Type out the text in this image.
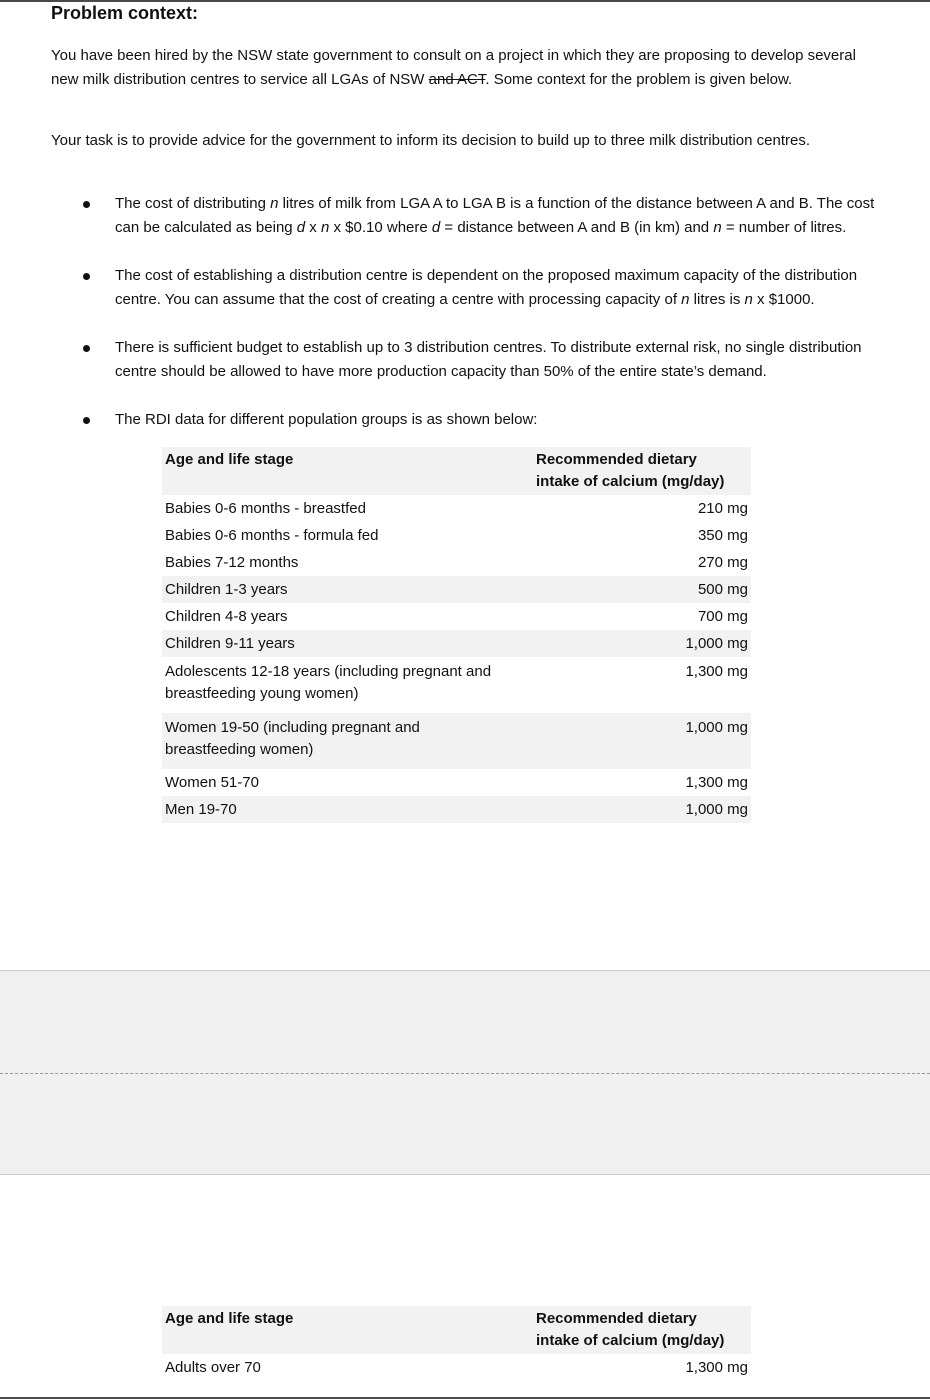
Problem context:

You have been hired by the NSW state government to consult on a project in which they are proposing to develop several new milk distribution centres to service all LGAs of NSW and ACT. Some context for the problem is given below.

Your task is to provide advice for the government to inform its decision to build up to three milk distribution centres.

The cost of distributing n litres of milk from LGA A to LGA B is a function of the distance between A and B. The cost can be calculated as being d x n x $0.10 where d = distance between A and B (in km) and n = number of litres.
The cost of establishing a distribution centre is dependent on the proposed maximum capacity of the distribution centre. You can assume that the cost of creating a centre with processing capacity of n litres is n x $1000.
There is sufficient budget to establish up to 3 distribution centres. To distribute external risk, no single distribution centre should be allowed to have more production capacity than 50% of the entire state’s demand.
The RDI data for different population groups is as shown below:
Age and life stage	Recommended dietary
intake of calcium (mg/day)
Babies 0-6 months - breastfed	210 mg
Babies 0-6 months - formula fed	350 mg
Babies 7-12 months	270 mg
Children 1-3 years	500 mg
Children 4-8 years	700 mg
Children 9-11 years	1,000 mg
Adolescents 12-18 years (including pregnant and
breastfeeding young women)	1,300 mg
Women 19-50 (including pregnant and
breastfeeding women)	1,000 mg
Women 51-70	1,300 mg
Men 19-70	1,000 mg
Age and life stage	Recommended dietary
intake of calcium (mg/day)
Adults over 70	1,300 mg
